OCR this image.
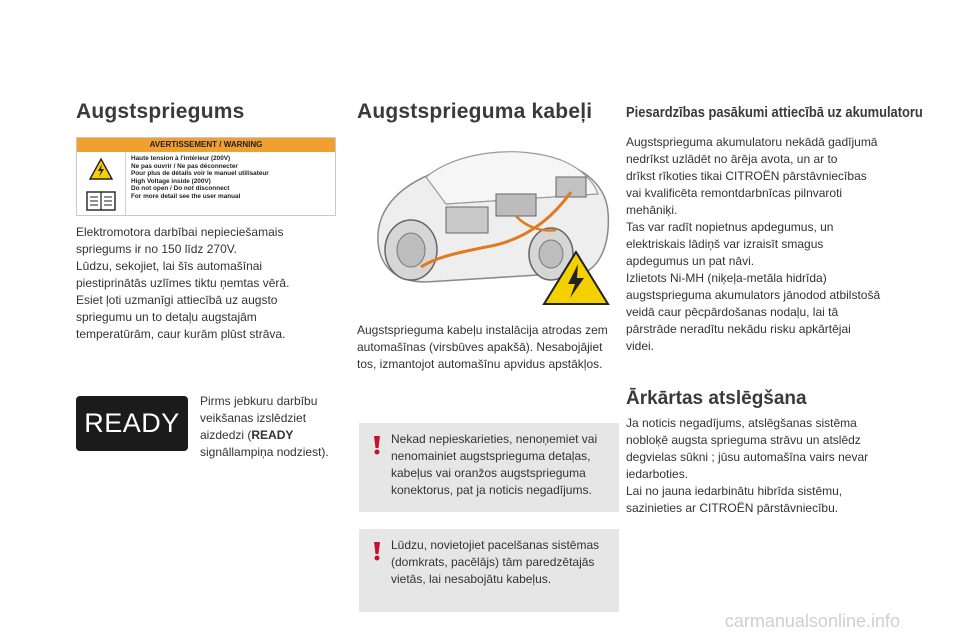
Augstspriegums
AVERTISSEMENT / WARNING
Haute tension à l'intérieur (200V)
Ne pas ouvrir / Ne pas déconnecter
Pour plus de détails voir le manuel utilisateur
High Voltage inside (200V)
Do not open / Do not disconnect
For more detail see the user manual
Elektromotora darbībai nepieciešamais
spriegums ir no 150 līdz 270V.
Lūdzu, sekojiet, lai šīs automašīnai
piestiprinātās uzlīmes tiktu ņemtas vērā.
Esiet ļoti uzmanīgi attiecībā uz augsto
spriegumu un to detaļu augstajām
temperatūrām, caur kurām plūst strāva.
READY
Pirms jebkuru darbību
veikšanas izslēdziet
aizdedzi (READY
signāllampiņa nodziest).
Augstsprieguma kabeļi
Augstsprieguma kabeļu instalācija atrodas zem
automašīnas (virsbūves apakšā). Nesabojājiet
tos, izmantojot automašīnu apvidus apstākļos.
Nekad nepieskarieties, nenoņemiet vai
nenomainiet augstsprieguma detaļas,
kabeļus vai oranžos augstsprieguma
konektorus, pat ja noticis negadījums.
Lūdzu, novietojiet pacelšanas sistēmas
(domkrats, pacēlājs) tām paredzētajās
vietās, lai nesabojātu kabeļus.
Piesardzības pasākumi attiecībā uz akumulatoru
Augstsprieguma akumulatoru nekādā gadījumā
nedrīkst uzlādēt no ārēja avota, un ar to
drīkst rīkoties tikai CITROËN pārstāvniecības
vai kvalificēta remontdarbnīcas pilnvaroti
mehāniķi.
Tas var radīt nopietnus apdegumus, un
elektriskais lādiņš var izraisīt smagus
apdegumus un pat nāvi.
Izlietots Ni-MH (niķeļa-metāla hidrīda)
augstsprieguma akumulators jānodod atbilstošā
veidā caur pēcpārdošanas nodaļu, lai tā
pārstrāde neradītu nekādu risku apkārtējai
videi.
Ārkārtas atslēgšana
Ja noticis negadījums, atslēgšanas sistēma
nobloķē augsta sprieguma strāvu un atslēdz
degvielas sūkni ; jūsu automašīna vairs nevar
iedarboties.
Lai no jauna iedarbinātu hibrīda sistēmu,
sazinieties ar CITROËN pārstāvniecību.
carmanualsonline.info
